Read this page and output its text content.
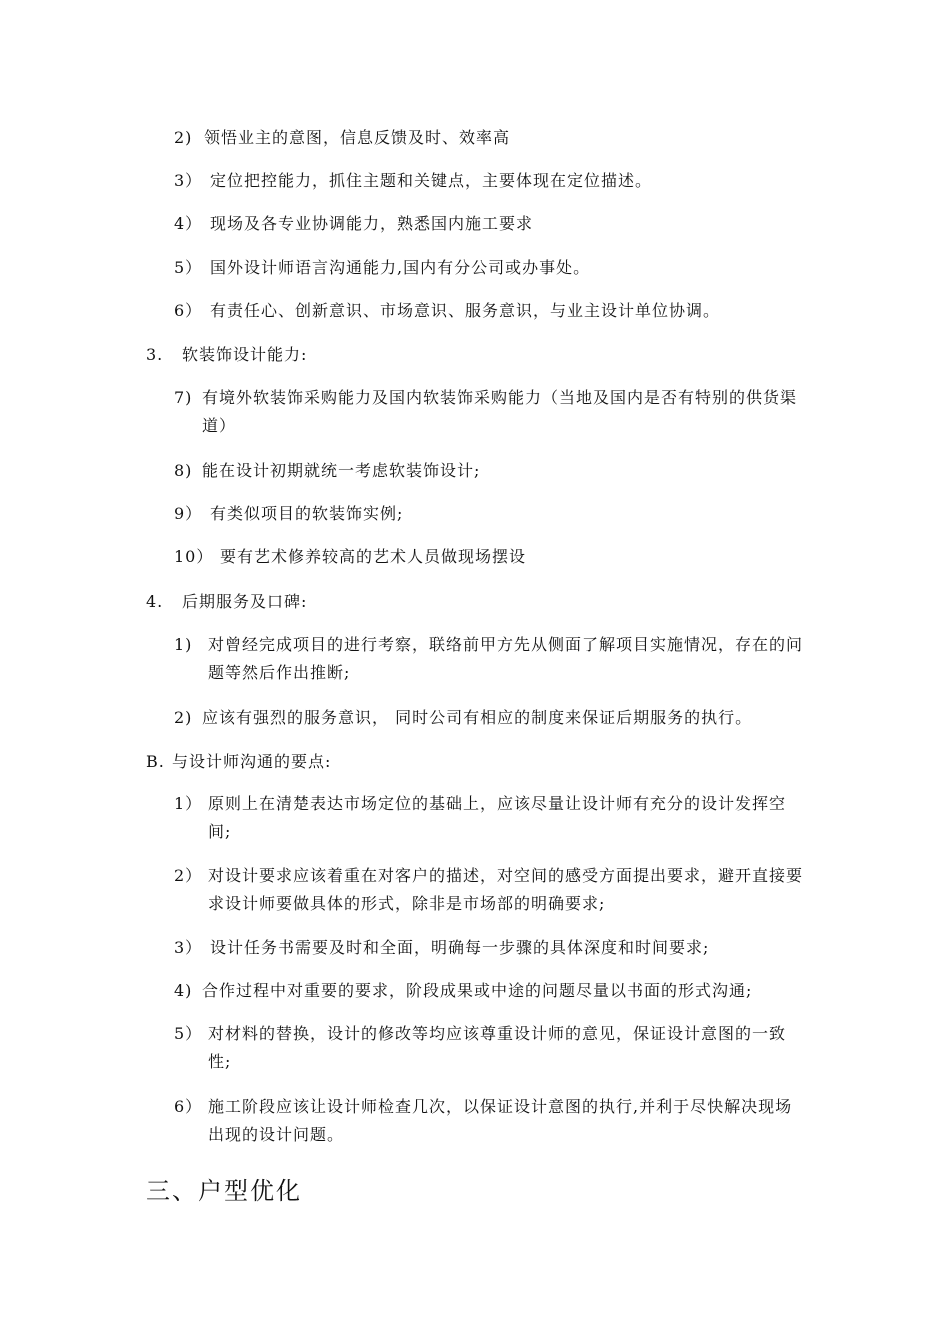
2) 领悟业主的意图，信息反馈及时、效率高
3） 定位把控能力，抓住主题和关键点，主要体现在定位描述。
4） 现场及各专业协调能力，熟悉国内施工要求
5） 国外设计师语言沟通能力,国内有分公司或办事处。
6） 有责任心、创新意识、市场意识、服务意识，与业主设计单位协调。
3. 软装饰设计能力:
7) 有境外软装饰采购能力及国内软装饰采购能力（当地及国内是否有特别的供货渠道）
8) 能在设计初期就统一考虑软装饰设计;
9） 有类似项目的软装饰实例;
10） 要有艺术修养较高的艺术人员做现场摆设
4. 后期服务及口碑:
1) 对曾经完成项目的进行考察，联络前甲方先从侧面了解项目实施情况，存在的问题等然后作出推断;
2) 应该有强烈的服务意识， 同时公司有相应的制度来保证后期服务的执行。
B. 与设计师沟通的要点:
1） 原则上在清楚表达市场定位的基础上，应该尽量让设计师有充分的设计发挥空间;
2） 对设计要求应该着重在对客户的描述，对空间的感受方面提出要求，避开直接要求设计师要做具体的形式，除非是市场部的明确要求;
3） 设计任务书需要及时和全面，明确每一步骤的具体深度和时间要求;
4) 合作过程中对重要的要求，阶段成果或中途的问题尽量以书面的形式沟通;
5） 对材料的替换，设计的修改等均应该尊重设计师的意见，保证设计意图的一致性;
6） 施工阶段应该让设计师检查几次，以保证设计意图的执行,并利于尽快解决现场出现的设计问题。
三、户型优化
